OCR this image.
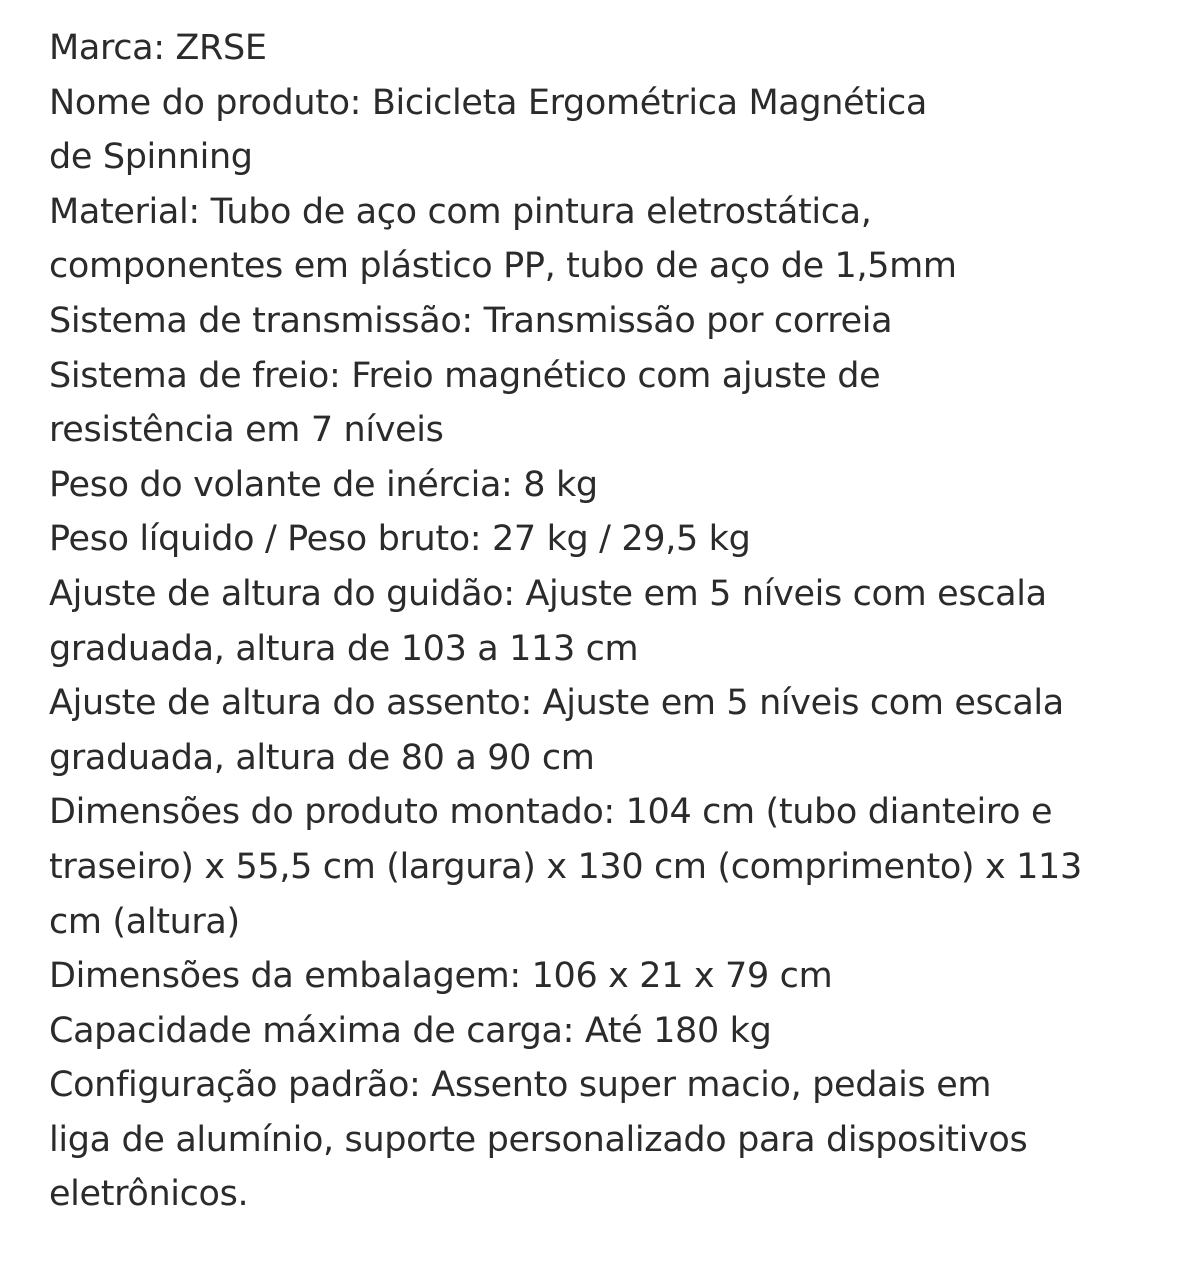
Marca: ZRSE
Nome do produto: Bicicleta Ergométrica Magnética
de Spinning
Material: Tubo de aço com pintura eletrostática,
componentes em plástico PP, tubo de aço de 1,5mm
Sistema de transmissão: Transmissão por correia
Sistema de freio: Freio magnético com ajuste de
resistência em 7 níveis
Peso do volante de inércia: 8 kg
Peso líquido / Peso bruto: 27 kg / 29,5 kg
Ajuste de altura do guidão: Ajuste em 5 níveis com escala
graduada, altura de 103 a 113 cm
Ajuste de altura do assento: Ajuste em 5 níveis com escala
graduada, altura de 80 a 90 cm
Dimensões do produto montado: 104 cm (tubo dianteiro e
traseiro) x 55,5 cm (largura) x 130 cm (comprimento) x 113
cm (altura)
Dimensões da embalagem: 106 x 21 x 79 cm
Capacidade máxima de carga: Até 180 kg
Configuração padrão: Assento super macio, pedais em
liga de alumínio, suporte personalizado para dispositivos
eletrônicos.
